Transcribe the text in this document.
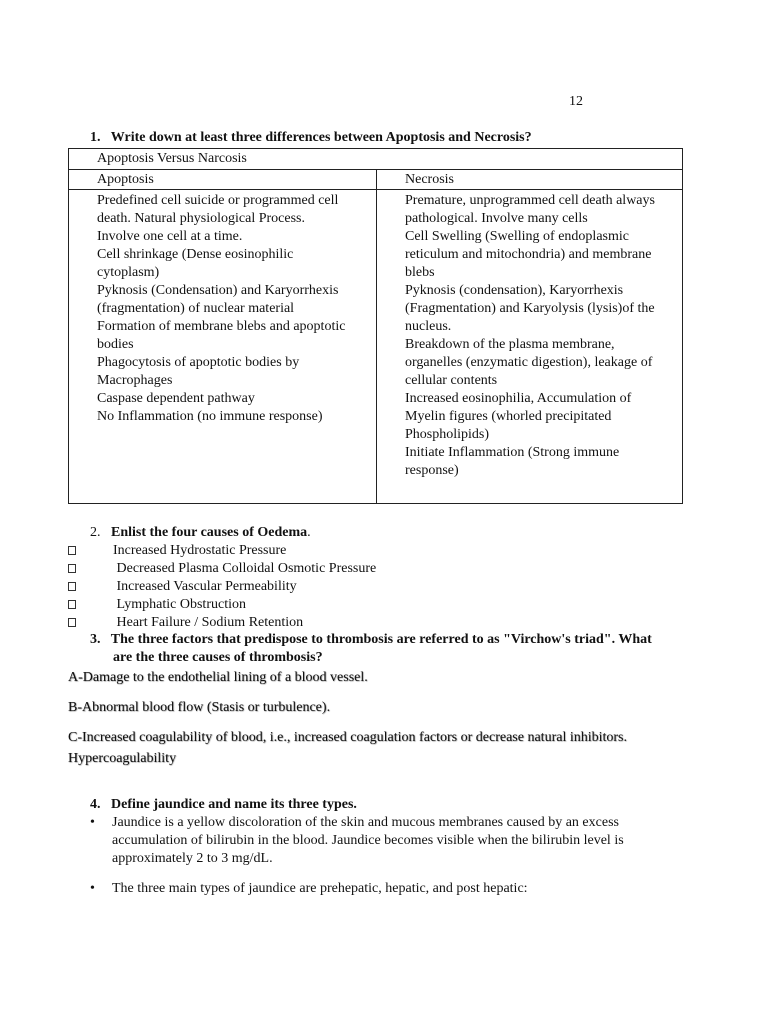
12
1. Write down at least three differences between Apoptosis and Necrosis?
Apoptosis Versus Narcosis
Apoptosis	Necrosis
Predefined cell suicide or programmed cell
death. Natural physiological Process.
Involve one cell at a time.
Cell shrinkage (Dense eosinophilic
cytoplasm)
Pyknosis (Condensation) and Karyorrhexis
(fragmentation) of nuclear material
Formation of membrane blebs and apoptotic
bodies
Phagocytosis of apoptotic bodies by
Macrophages
Caspase dependent pathway
No Inflammation (no immune response)
Premature, unprogrammed cell death always
pathological. Involve many cells
Cell Swelling (Swelling of endoplasmic
reticulum and mitochondria) and membrane
blebs
Pyknosis (condensation), Karyorrhexis
(Fragmentation) and Karyolysis (lysis)of the
nucleus.
Breakdown of the plasma membrane,
organelles (enzymatic digestion), leakage of
cellular contents
Increased eosinophilia, Accumulation of
Myelin figures (whorled precipitated
Phospholipids)
Initiate Inflammation (Strong immune
response)
2. Enlist the four causes of Oedema.
Increased Hydrostatic Pressure
Decreased Plasma Colloidal Osmotic Pressure
Increased Vascular Permeability
Lymphatic Obstruction
Heart Failure / Sodium Retention
3. The three factors that predispose to thrombosis are referred to as "Virchow's triad". What
are the three causes of thrombosis?
A-Damage to the endothelial lining of a blood vessel.
B-Abnormal blood flow (Stasis or turbulence).
C-Increased coagulability of blood, i.e., increased coagulation factors or decrease natural inhibitors.
Hypercoagulability
4. Define jaundice and name its three types.
• Jaundice is a yellow discoloration of the skin and mucous membranes caused by an excess
accumulation of bilirubin in the blood. Jaundice becomes visible when the bilirubin level is
approximately 2 to 3 mg/dL.
• The three main types of jaundice are prehepatic, hepatic, and post hepatic:
